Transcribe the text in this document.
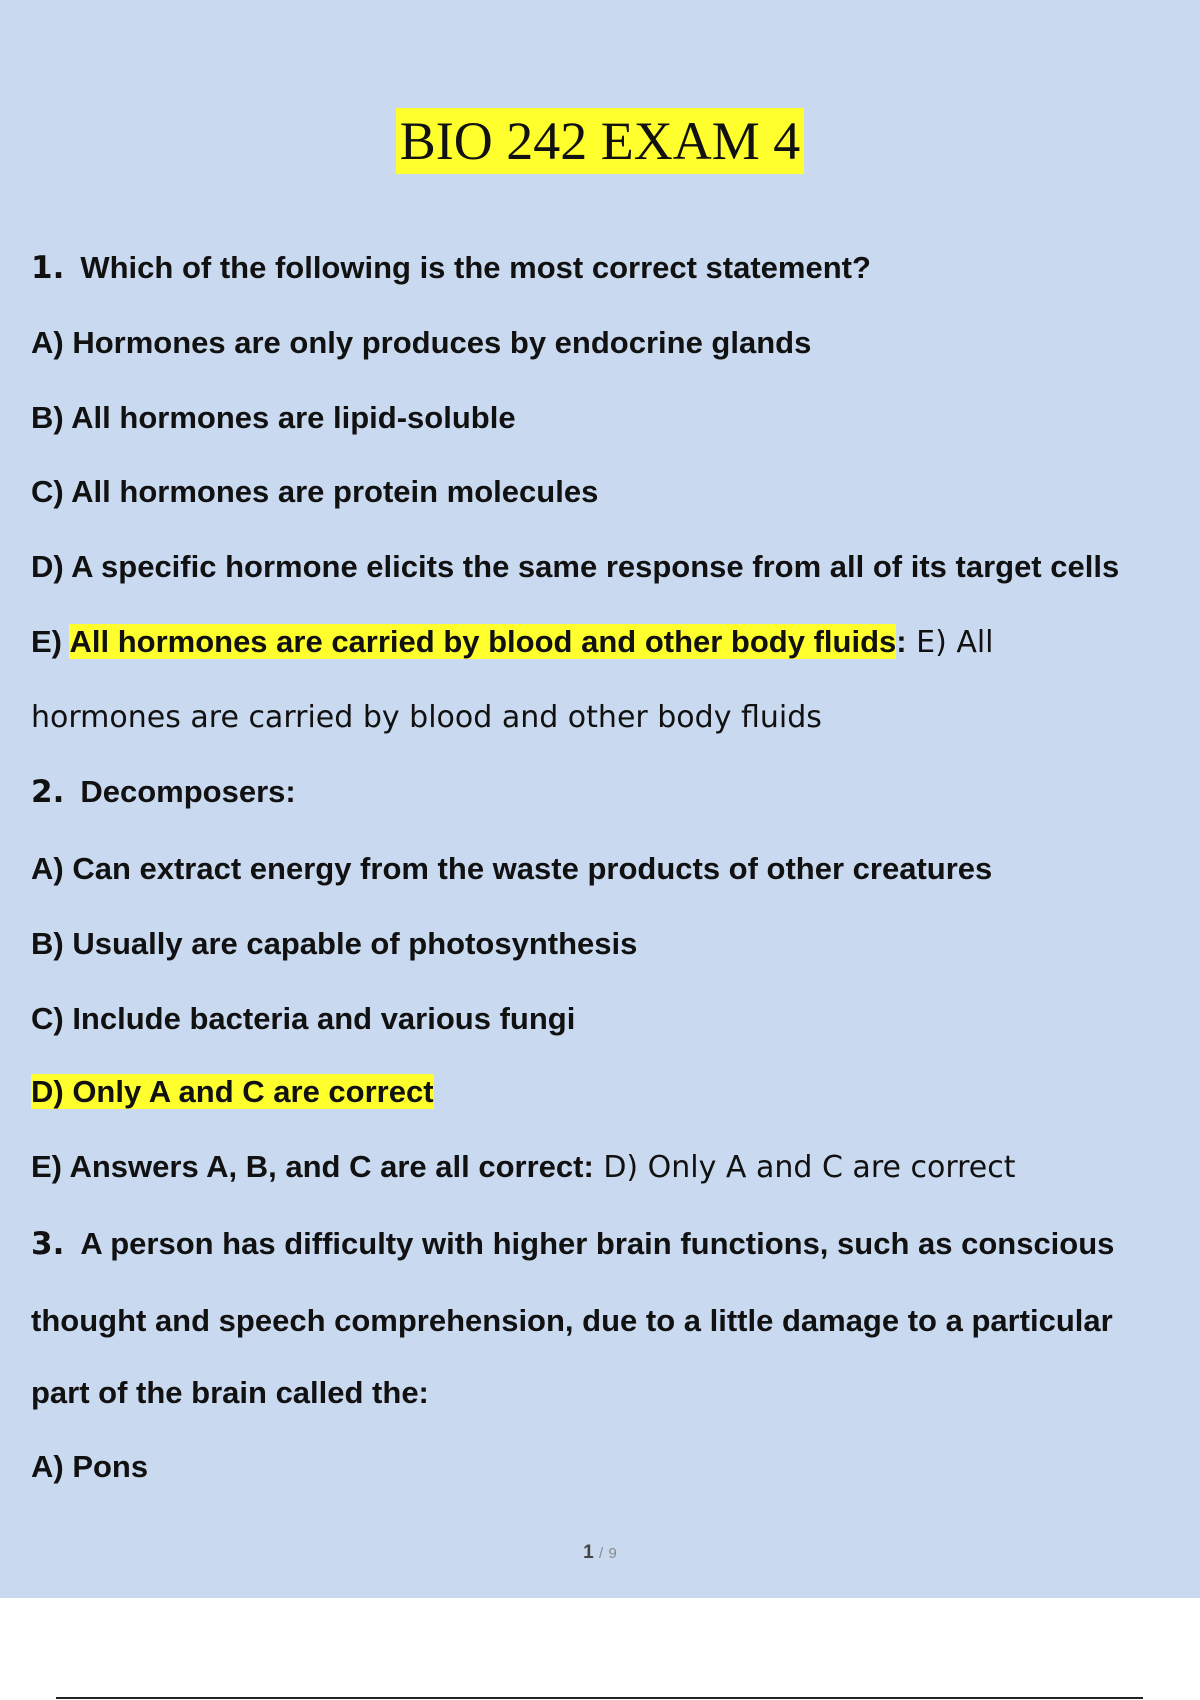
BIO 242 EXAM 4
1. Which of the following is the most correct statement?
A) Hormones are only produces by endocrine glands
B) All hormones are lipid-soluble
C) All hormones are protein molecules
D) A specific hormone elicits the same response from all of its target cells
E) All hormones are carried by blood and other body fluids: E) All
hormones are carried by blood and other body fluids
2. Decomposers:
A) Can extract energy from the waste products of other creatures
B) Usually are capable of photosynthesis
C) Include bacteria and various fungi
D) Only A and C are correct
E) Answers A, B, and C are all correct: D) Only A and C are correct
3. A person has difficulty with higher brain functions, such as conscious
thought and speech comprehension, due to a little damage to a particular
part of the brain called the:
A) Pons
1 / 9
